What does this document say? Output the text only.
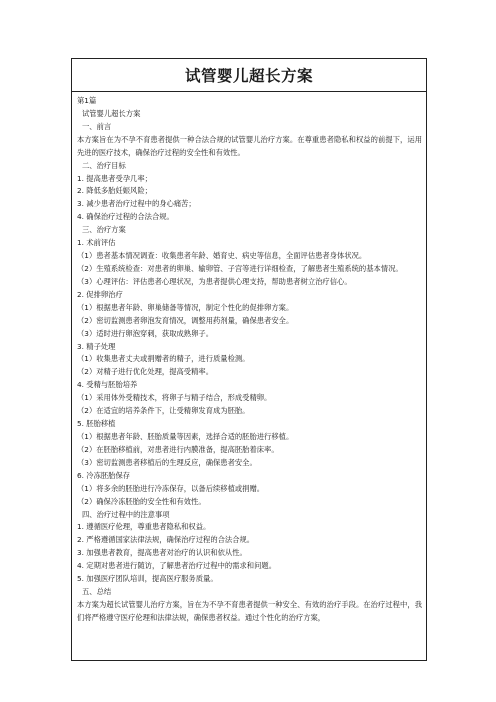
试管婴儿超长方案
第1篇
试管婴儿超长方案
一、前言
本方案旨在为不孕不育患者提供一种合法合规的试管婴儿治疗方案。在尊重患者隐私和权益的前提下，运用先进的医疗技术，确保治疗过程的安全性和有效性。
二、治疗目标
1. 提高患者受孕几率；
2. 降低多胎妊娠风险；
3. 减少患者治疗过程中的身心痛苦；
4. 确保治疗过程的合法合规。
三、治疗方案
1. 术前评估
（1）患者基本情况调查：收集患者年龄、婚育史、病史等信息，全面评估患者身体状况。
（2）生殖系统检查：对患者的卵巢、输卵管、子宫等进行详细检查，了解患者生殖系统的基本情况。
（3）心理评估：评估患者心理状况，为患者提供心理支持，帮助患者树立治疗信心。
2. 促排卵治疗
（1）根据患者年龄、卵巢储备等情况，制定个性化的促排卵方案。
（2）密切监测患者卵泡发育情况，调整用药剂量，确保患者安全。
（3）适时进行卵泡穿刺，获取成熟卵子。
3. 精子处理
（1）收集患者丈夫或捐赠者的精子，进行质量检测。
（2）对精子进行优化处理，提高受精率。
4. 受精与胚胎培养
（1）采用体外受精技术，将卵子与精子结合，形成受精卵。
（2）在适宜的培养条件下，让受精卵发育成为胚胎。
5. 胚胎移植
（1）根据患者年龄、胚胎质量等因素，选择合适的胚胎进行移植。
（2）在胚胎移植前，对患者进行内膜准备，提高胚胎着床率。
（3）密切监测患者移植后的生理反应，确保患者安全。
6. 冷冻胚胎保存
（1）将多余的胚胎进行冷冻保存，以备后续移植或捐赠。
（2）确保冷冻胚胎的安全性和有效性。
四、治疗过程中的注意事项
1. 遵循医疗伦理，尊重患者隐私和权益。
2. 严格遵循国家法律法规，确保治疗过程的合法合规。
3. 加强患者教育，提高患者对治疗的认识和依从性。
4. 定期对患者进行随访，了解患者治疗过程中的需求和问题。
5. 加强医疗团队培训，提高医疗服务质量。
五、总结
本方案为超长试管婴儿治疗方案，旨在为不孕不育患者提供一种安全、有效的治疗手段。在治疗过程中，我们将严格遵守医疗伦理和法律法规，确保患者权益。通过个性化的治疗方案，
